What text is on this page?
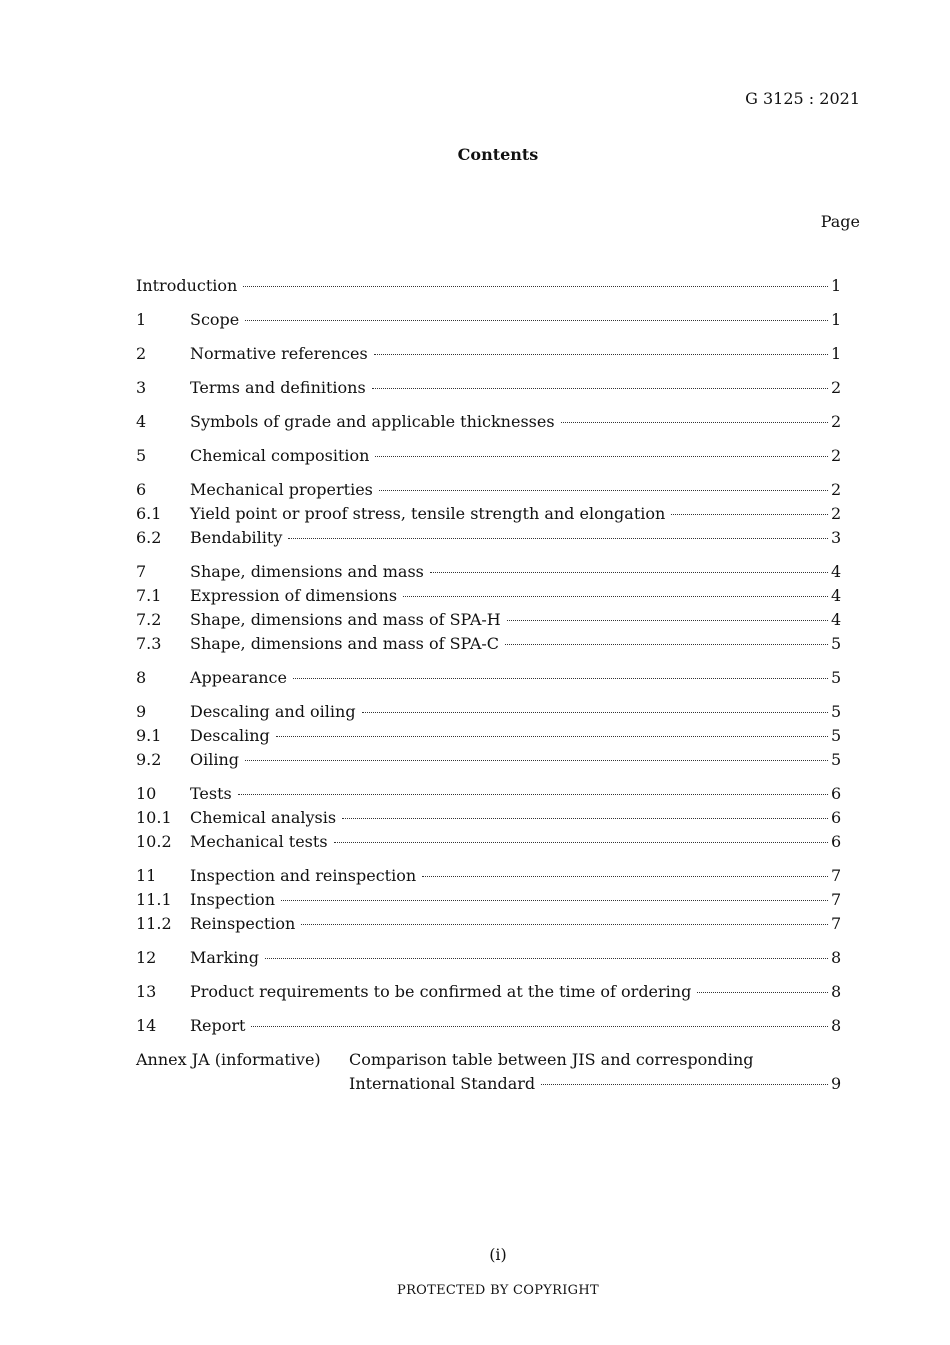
G 3125 : 2021
Contents
Page
Introduction	1
1	Scope	1
2	Normative references	1
3	Terms and definitions	2
4	Symbols of grade and applicable thicknesses	2
5	Chemical composition	2
6	Mechanical properties	2
6.1	Yield point or proof stress, tensile strength and elongation	2
6.2	Bendability	3
7	Shape, dimensions and mass	4
7.1	Expression of dimensions	4
7.2	Shape, dimensions and mass of SPA-H	4
7.3	Shape, dimensions and mass of SPA-C	5
8	Appearance	5
9	Descaling and oiling	5
9.1	Descaling	5
9.2	Oiling	5
10	Tests	6
10.1	Chemical analysis	6
10.2	Mechanical tests	6
11	Inspection and reinspection	7
11.1	Inspection	7
11.2	Reinspection	7
12	Marking	8
13	Product requirements to be confirmed at the time of ordering	8
14	Report	8
Annex JA (informative)	Comparison table between JIS and corresponding
International Standard	9
(i)
PROTECTED BY COPYRIGHT
